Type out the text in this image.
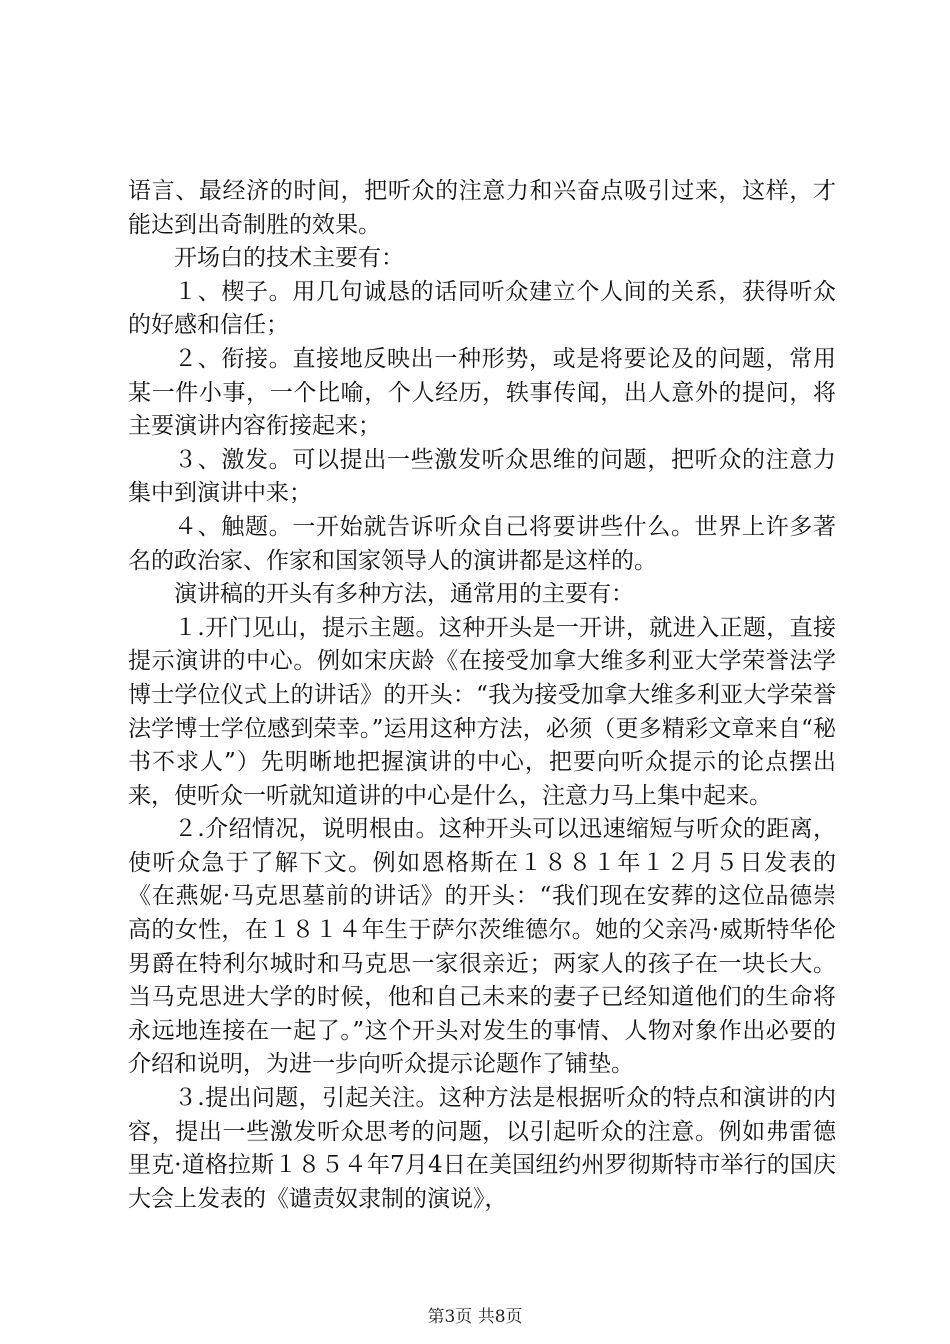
语言、最经济的时间，把听众的注意力和兴奋点吸引过来，这样，才能达到出奇制胜的效果。

开场白的技术主要有：

１、楔子。用几句诚恳的话同听众建立个人间的关系，获得听众的好感和信任；

２、衔接。直接地反映出一种形势，或是将要论及的问题，常用某一件小事，一个比喻，个人经历，轶事传闻，出人意外的提问，将主要演讲内容衔接起来；

３、激发。可以提出一些激发听众思维的问题，把听众的注意力集中到演讲中来；

４、触题。一开始就告诉听众自己将要讲些什么。世界上许多著名的政治家、作家和国家领导人的演讲都是这样的。

演讲稿的开头有多种方法，通常用的主要有：

１.开门见山，提示主题。这种开头是一开讲，就进入正题，直接提示演讲的中心。例如宋庆龄《在接受加拿大维多利亚大学荣誉法学博士学位仪式上的讲话》的开头：“我为接受加拿大维多利亚大学荣誉法学博士学位感到荣幸。”运用这种方法，必须（更多精彩文章来自“秘书不求人”）先明晰地把握演讲的中心，把要向听众提示的论点摆出来，使听众一听就知道讲的中心是什么，注意力马上集中起来。

２.介绍情况，说明根由。这种开头可以迅速缩短与听众的距离，使听众急于了解下文。例如恩格斯在１８８１年１２月５日发表的《在燕妮·马克思墓前的讲话》的开头：“我们现在安葬的这位品德崇高的女性，在１８１４年生于萨尔茨维德尔。她的父亲冯·威斯特华伦男爵在特利尔城时和马克思一家很亲近；两家人的孩子在一块长大。当马克思进大学的时候，他和自己未来的妻子已经知道他们的生命将永远地连接在一起了。”这个开头对发生的事情、人物对象作出必要的介绍和说明，为进一步向听众提示论题作了铺垫。

３.提出问题，引起关注。这种方法是根据听众的特点和演讲的内容，提出一些激发听众思考的问题，以引起听众的注意。例如弗雷德里克·道格拉斯１８５４年7月4日在美国纽约州罗彻斯特市举行的国庆大会上发表的《谴责奴隶制的演说》，

第3页 共8页
